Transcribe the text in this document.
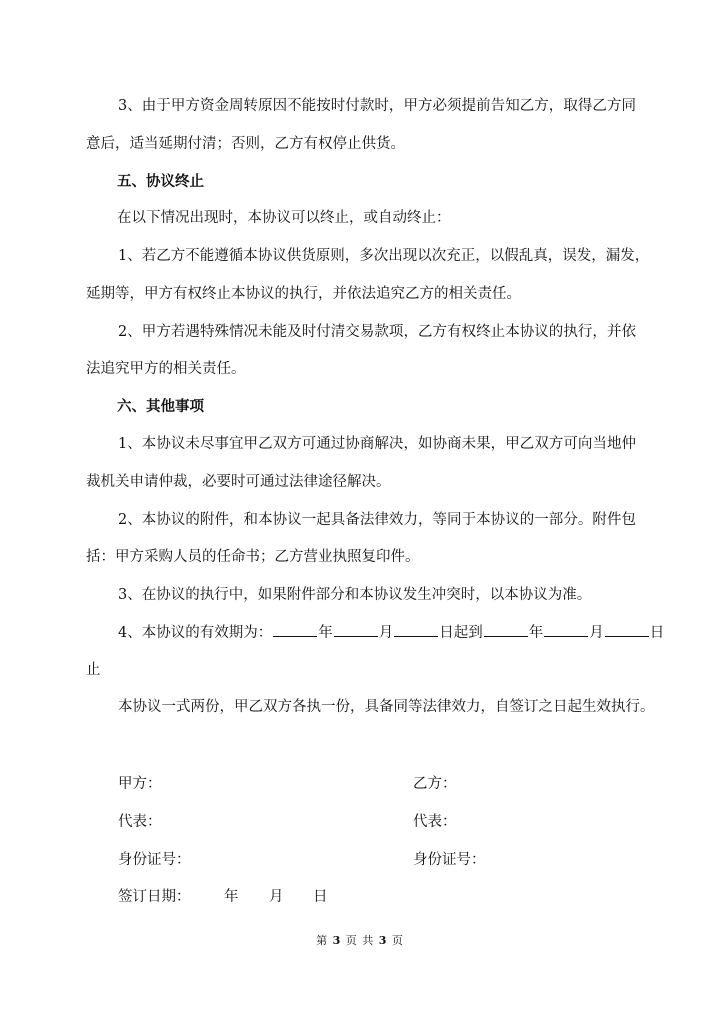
3、由于甲方资金周转原因不能按时付款时，甲方必须提前告知乙方，取得乙方同
意后，适当延期付清；否则，乙方有权停止供货。
五、协议终止
在以下情况出现时，本协议可以终止，或自动终止：
1、若乙方不能遵循本协议供货原则，多次出现以次充正，以假乱真，误发，漏发，
延期等，甲方有权终止本协议的执行，并依法追究乙方的相关责任。
2、甲方若遇特殊情况未能及时付清交易款项，乙方有权终止本协议的执行，并依
法追究甲方的相关责任。
六、其他事项
1、本协议未尽事宜甲乙双方可通过协商解决，如协商未果，甲乙双方可向当地仲
裁机关申请仲裁，必要时可通过法律途径解决。
2、本协议的附件，和本协议一起具备法律效力，等同于本协议的一部分。附件包
括：甲方采购人员的任命书；乙方营业执照复印件。
3、在协议的执行中，如果附件部分和本协议发生冲突时，以本协议为准。
4、本协议的有效期为：	年	月	日起到	年	月	日
止
本协议一式两份，甲乙双方各执一份，具备同等法律效力，自签订之日起生效执行。
甲方：	乙方：
代表：	代表：
身份证号：	身份证号：
签订日期： 年 月 日
第 3 页 共 3 页
